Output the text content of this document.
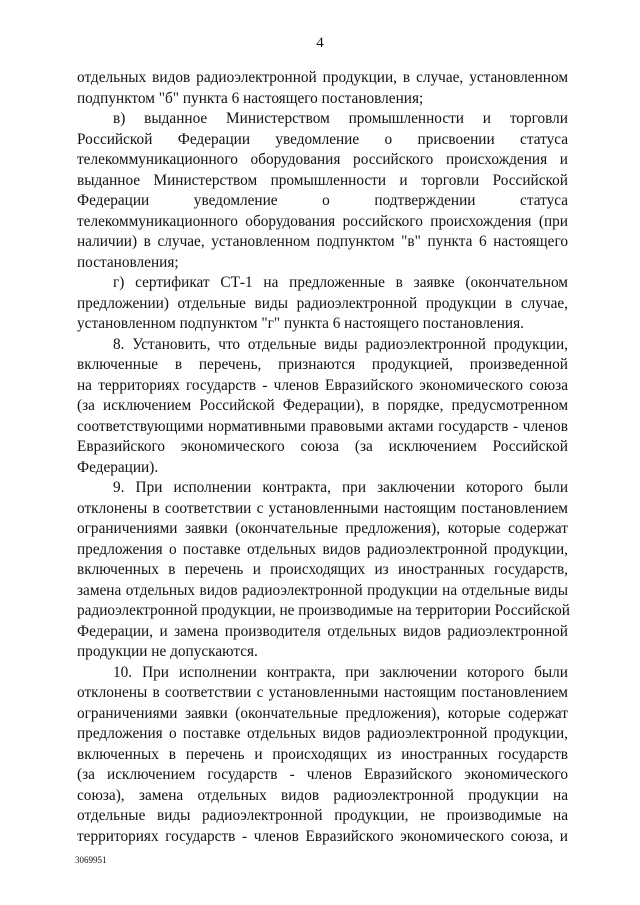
4
отдельных видов радиоэлектронной продукции, в случае, установленном
подпунктом "б" пункта 6 настоящего постановления;
в) выданное Министерством промышленности и торговли
Российской Федерации уведомление о присвоении статуса
телекоммуникационного оборудования российского происхождения и
выданное Министерством промышленности и торговли Российской
Федерации уведомление о подтверждении статуса
телекоммуникационного оборудования российского происхождения (при
наличии) в случае, установленном подпунктом "в" пункта 6 настоящего
постановления;
г) сертификат СТ-1 на предложенные в заявке (окончательном
предложении) отдельные виды радиоэлектронной продукции в случае,
установленном подпунктом "г" пункта 6 настоящего постановления.
8. Установить, что отдельные виды радиоэлектронной продукции,
включенные в перечень, признаются продукцией, произведенной
на территориях государств - членов Евразийского экономического союза
(за исключением Российской Федерации), в порядке, предусмотренном
соответствующими нормативными правовыми актами государств - членов
Евразийского экономического союза (за исключением Российской
Федерации).
9. При исполнении контракта, при заключении которого были
отклонены в соответствии с установленными настоящим постановлением
ограничениями заявки (окончательные предложения), которые содержат
предложения о поставке отдельных видов радиоэлектронной продукции,
включенных в перечень и происходящих из иностранных государств,
замена отдельных видов радиоэлектронной продукции на отдельные виды
радиоэлектронной продукции, не производимые на территории Российской
Федерации, и замена производителя отдельных видов радиоэлектронной
продукции не допускаются.
10. При исполнении контракта, при заключении которого были
отклонены в соответствии с установленными настоящим постановлением
ограничениями заявки (окончательные предложения), которые содержат
предложения о поставке отдельных видов радиоэлектронной продукции,
включенных в перечень и происходящих из иностранных государств
(за исключением государств - членов Евразийского экономического
союза), замена отдельных видов радиоэлектронной продукции на
отдельные виды радиоэлектронной продукции, не производимые на
территориях государств - членов Евразийского экономического союза, и
3069951
